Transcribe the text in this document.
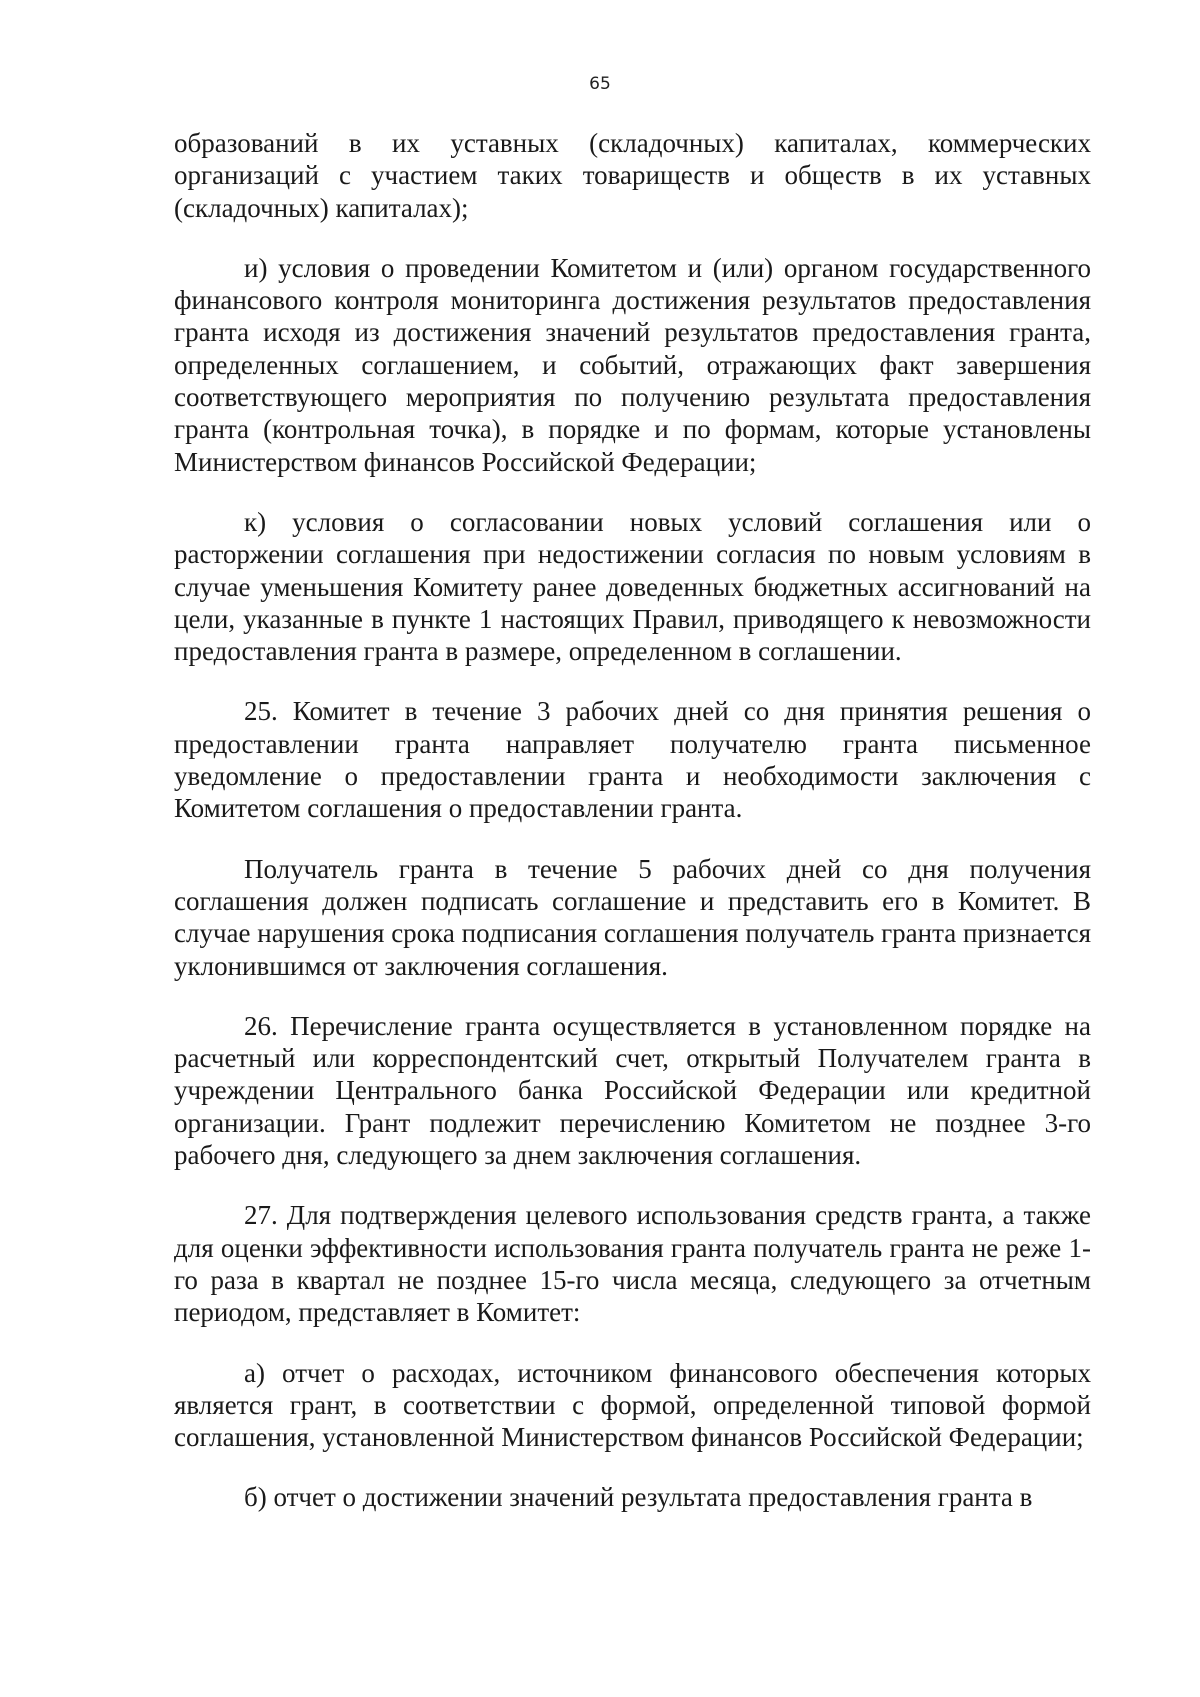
65

образований в их уставных (складочных) капиталах, коммерческих организаций с участием таких товариществ и обществ в их уставных (складочных) капиталах);

и) условия о проведении Комитетом и (или) органом государственного финансового контроля мониторинга достижения результатов предоставления гранта исходя из достижения значений результатов предоставления гранта, определенных соглашением, и событий, отражающих факт завершения соответствующего мероприятия по получению результата предоставления гранта (контрольная точка), в порядке и по формам, которые установлены Министерством финансов Российской Федерации;

к) условия о согласовании новых условий соглашения или о расторжении соглашения при недостижении согласия по новым условиям в случае уменьшения Комитету ранее доведенных бюджетных ассигнований на цели, указанные в пункте 1 настоящих Правил, приводящего к невозможности предоставления гранта в размере, определенном в соглашении.

25. Комитет в течение 3 рабочих дней со дня принятия решения о предоставлении гранта направляет получателю гранта письменное уведомление о предоставлении гранта и необходимости заключения с Комитетом соглашения о предоставлении гранта.

Получатель гранта в течение 5 рабочих дней со дня получения соглашения должен подписать соглашение и представить его в Комитет. В случае нарушения срока подписания соглашения получатель гранта признается уклонившимся от заключения соглашения.

26. Перечисление гранта осуществляется в установленном порядке на расчетный или корреспондентский счет, открытый Получателем гранта в учреждении Центрального банка Российской Федерации или кредитной организации. Грант подлежит перечислению Комитетом не позднее 3-го рабочего дня, следующего за днем заключения соглашения.

27. Для подтверждения целевого использования средств гранта, а также для оценки эффективности использования гранта получатель гранта не реже 1-го раза в квартал не позднее 15-го числа месяца, следующего за отчетным периодом, представляет в Комитет:

а) отчет о расходах, источником финансового обеспечения которых является грант, в соответствии с формой, определенной типовой формой соглашения, установленной Министерством финансов Российской Федерации;

б) отчет о достижении значений результата предоставления гранта в
